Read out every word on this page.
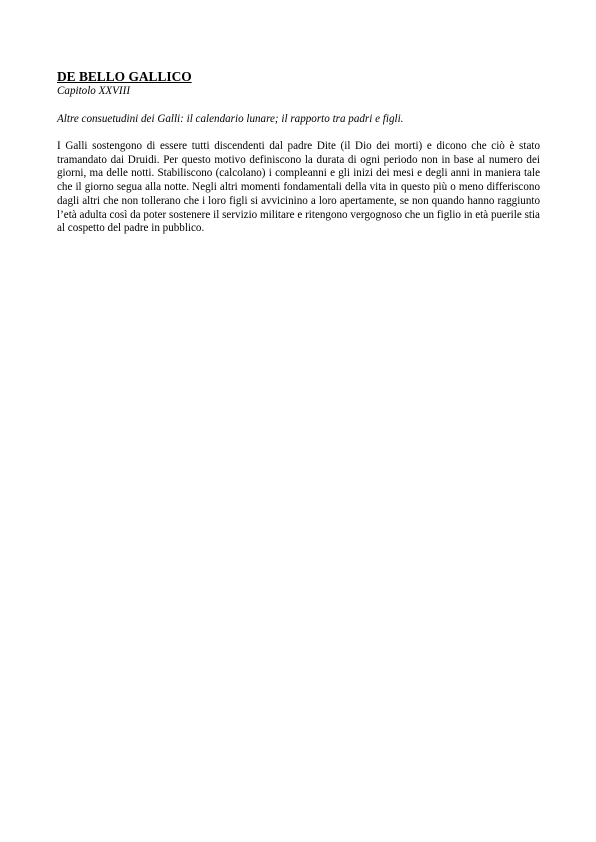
DE BELLO GALLICO
Capitolo XXVIII
Altre consuetudini dei Galli: il calendario lunare; il rapporto tra padri e figli.

I Galli sostengono di essere tutti discendenti dal padre Dite (il Dio dei morti) e dicono che ciò è stato tramandato dai Druidi. Per questo motivo definiscono la durata di ogni periodo non in base al numero dei giorni, ma delle notti. Stabiliscono (calcolano) i compleanni e gli inizi dei mesi e degli anni in maniera tale che il giorno segua alla notte. Negli altri momenti fondamentali della vita in questo più o meno differiscono dagli altri che non tollerano che i loro figli si avvicinino a loro apertamente, se non quando hanno raggiunto l’età adulta così da poter sostenere il servizio militare e ritengono vergognoso che un figlio in età puerile stia al cospetto del padre in pubblico.
